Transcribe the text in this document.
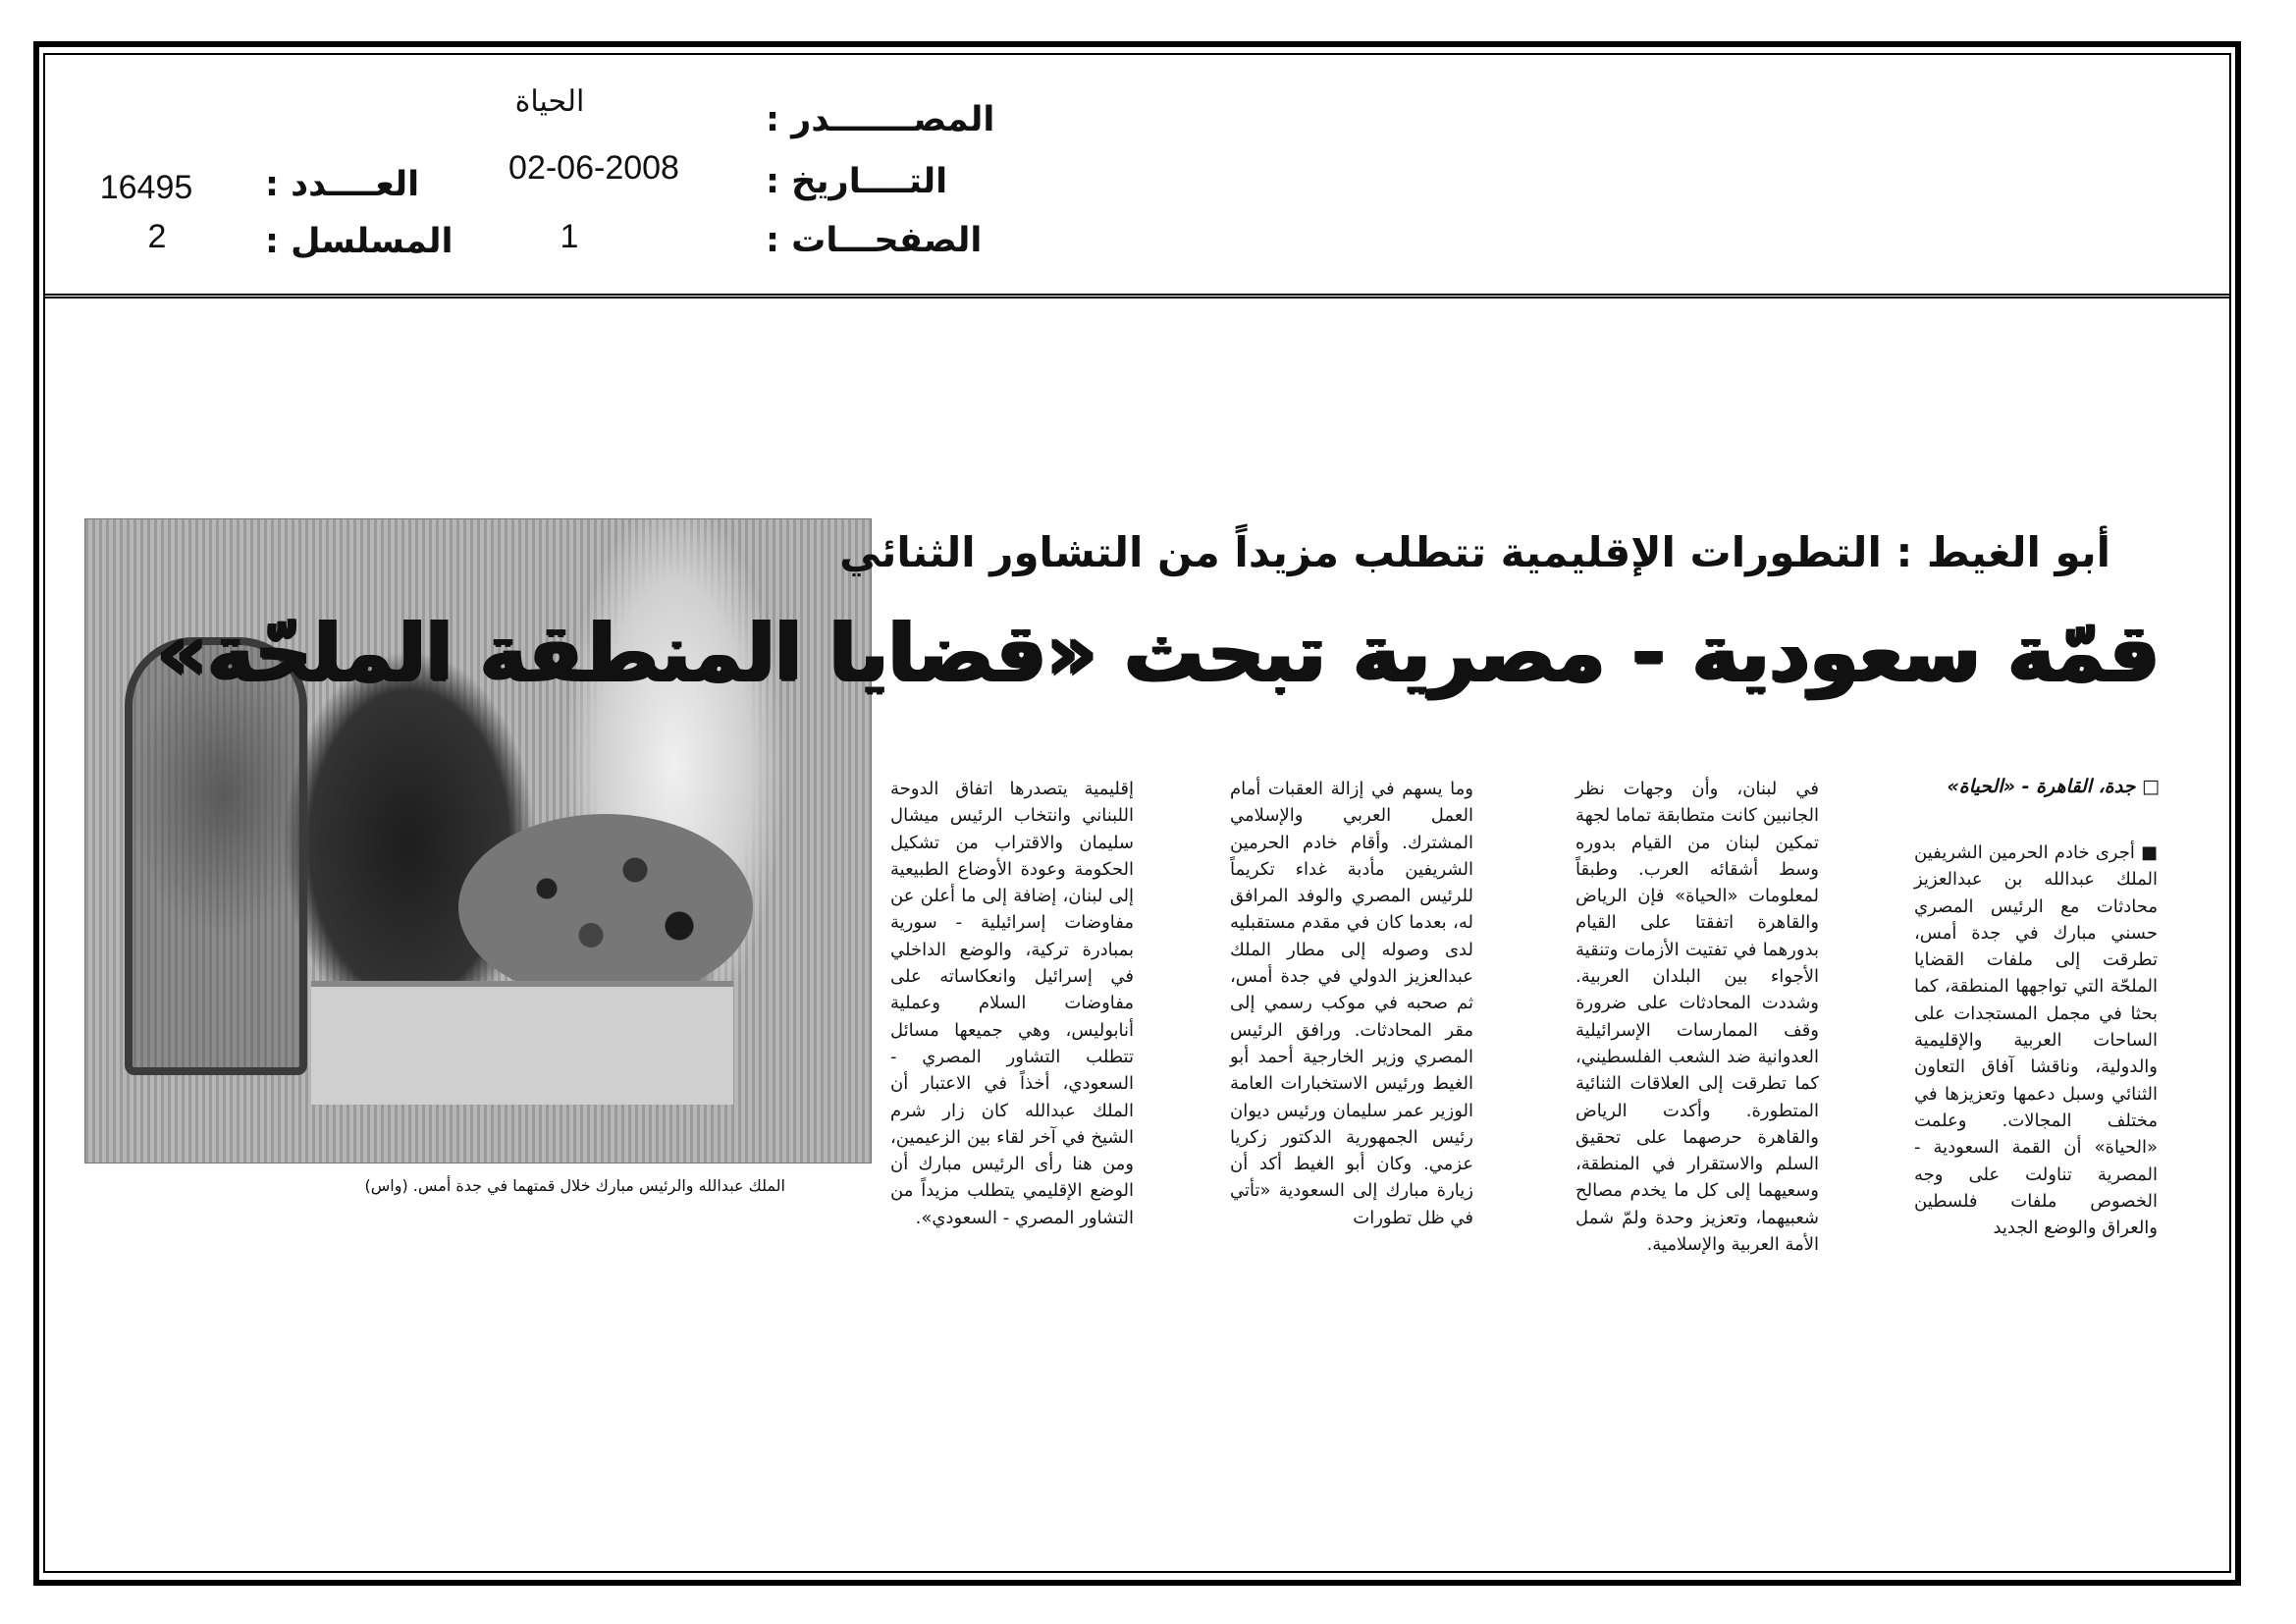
المصـــــــدر :
الحياة
التــــاريخ :
02-06-2008
الصفحـــات :
1
العــــدد :
16495
المسلسل :
2
الملك عبدالله والرئيس مبارك خلال قمتهما في جدة أمس. (واس)
أبو الغيط : التطورات الإقليمية تتطلب مزيداً من التشاور الثنائي
قمّة سعودية - مصرية تبحث «قضايا المنطقة الملحّة»
□ جدة، القاهرة - «الحياة»

■ أجرى خادم الحرمين الشريفين الملك عبدالله بن عبدالعزيز محادثات مع الرئيس المصري حسني مبارك في جدة أمس، تطرقت إلى ملفات القضايا الملحّة التي تواجهها المنطقة، كما بحثا في مجمل المستجدات على الساحات العربية والإقليمية والدولية، وناقشا آفاق التعاون الثنائي وسبل دعمها وتعزيزها في مختلف المجالات. وعلمت «الحياة» أن القمة السعودية - المصرية تناولت على وجه الخصوص ملفات فلسطين والعراق والوضع الجديد

في لبنان، وأن وجهات نظر الجانبين كانت متطابقة تماما لجهة تمكين لبنان من القيام بدوره وسط أشقائه العرب. وطبقاً لمعلومات «الحياة» فإن الرياض والقاهرة اتفقتا على القيام بدورهما في تفتيت الأزمات وتنقية الأجواء بين البلدان العربية. وشددت المحادثات على ضرورة وقف الممارسات الإسرائيلية العدوانية ضد الشعب الفلسطيني، كما تطرقت إلى العلاقات الثنائية المتطورة. وأكدت الرياض والقاهرة حرصهما على تحقيق السلم والاستقرار في المنطقة، وسعيهما إلى كل ما يخدم مصالح شعبيهما، وتعزيز وحدة ولمّ شمل الأمة العربية والإسلامية.

وما يسهم في إزالة العقبات أمام العمل العربي والإسلامي المشترك. وأقام خادم الحرمين الشريفين مأدبة غداء تكريماً للرئيس المصري والوفد المرافق له، بعدما كان في مقدم مستقبليه لدى وصوله إلى مطار الملك عبدالعزيز الدولي في جدة أمس، ثم صحبه في موكب رسمي إلى مقر المحادثات. ورافق الرئيس المصري وزير الخارجية أحمد أبو الغيط ورئيس الاستخبارات العامة الوزير عمر سليمان ورئيس ديوان رئيس الجمهورية الدكتور زكريا عزمي. وكان أبو الغيط أكد أن زيارة مبارك إلى السعودية «تأتي في ظل تطورات

إقليمية يتصدرها اتفاق الدوحة اللبناني وانتخاب الرئيس ميشال سليمان والاقتراب من تشكيل الحكومة وعودة الأوضاع الطبيعية إلى لبنان، إضافة إلى ما أعلن عن مفاوضات إسرائيلية - سورية بمبادرة تركية، والوضع الداخلي في إسرائيل وانعكاساته على مفاوضات السلام وعملية أنابوليس، وهي جميعها مسائل تتطلب التشاور المصري - السعودي، أخذاً في الاعتبار أن الملك عبدالله كان زار شرم الشيخ في آخر لقاء بين الزعيمين، ومن هنا رأى الرئيس مبارك أن الوضع الإقليمي يتطلب مزيداً من التشاور المصري - السعودي».
